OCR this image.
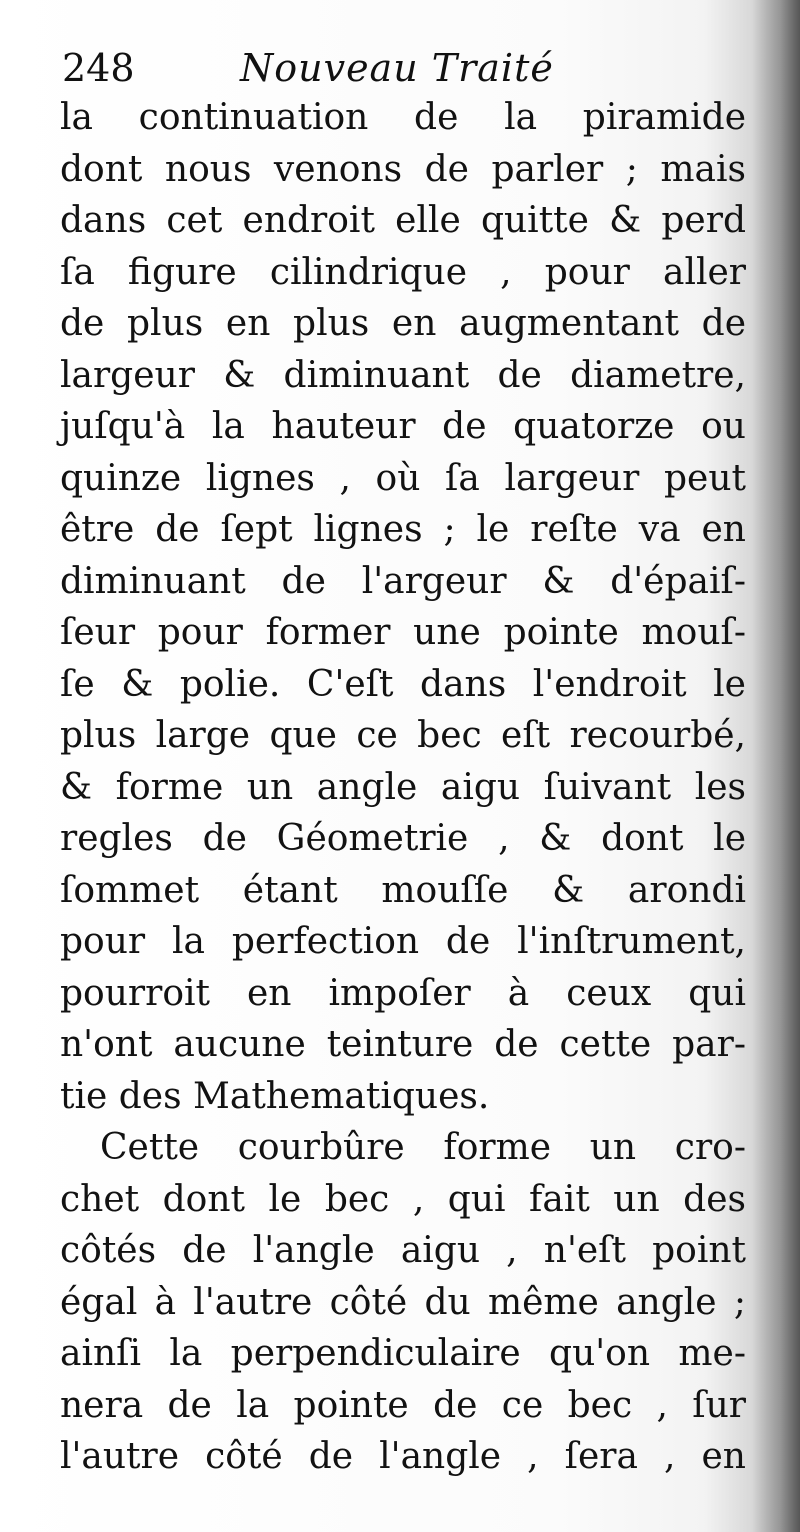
248	Nouveau Traité
la continuation de la piramide
dont nous venons de parler ; mais
dans cet endroit elle quitte & perd
ſa figure cilindrique , pour aller
de plus en plus en augmentant de
largeur & diminuant de diametre,
juſqu'à la hauteur de quatorze ou
quinze lignes , où ſa largeur peut
être de ſept lignes ; le reſte va en
diminuant de l'argeur & d'épaiſ-
ſeur pour former une pointe mouſ-
ſe & polie. C'eſt dans l'endroit le
plus large que ce bec eſt recourbé,
& forme un angle aigu ſuivant les
regles de Géometrie , & dont le
ſommet étant mouſſe & arondi
pour la perfection de l'inſtrument,
pourroit en impoſer à ceux qui
n'ont aucune teinture de cette par-
tie des Mathematiques.
Cette courbûre forme un cro-
chet dont le bec , qui fait un des
côtés de l'angle aigu , n'eſt point
égal à l'autre côté du même angle ;
ainſi la perpendiculaire qu'on me-
nera de la pointe de ce bec , ſur
l'autre côté de l'angle , ſera , en
